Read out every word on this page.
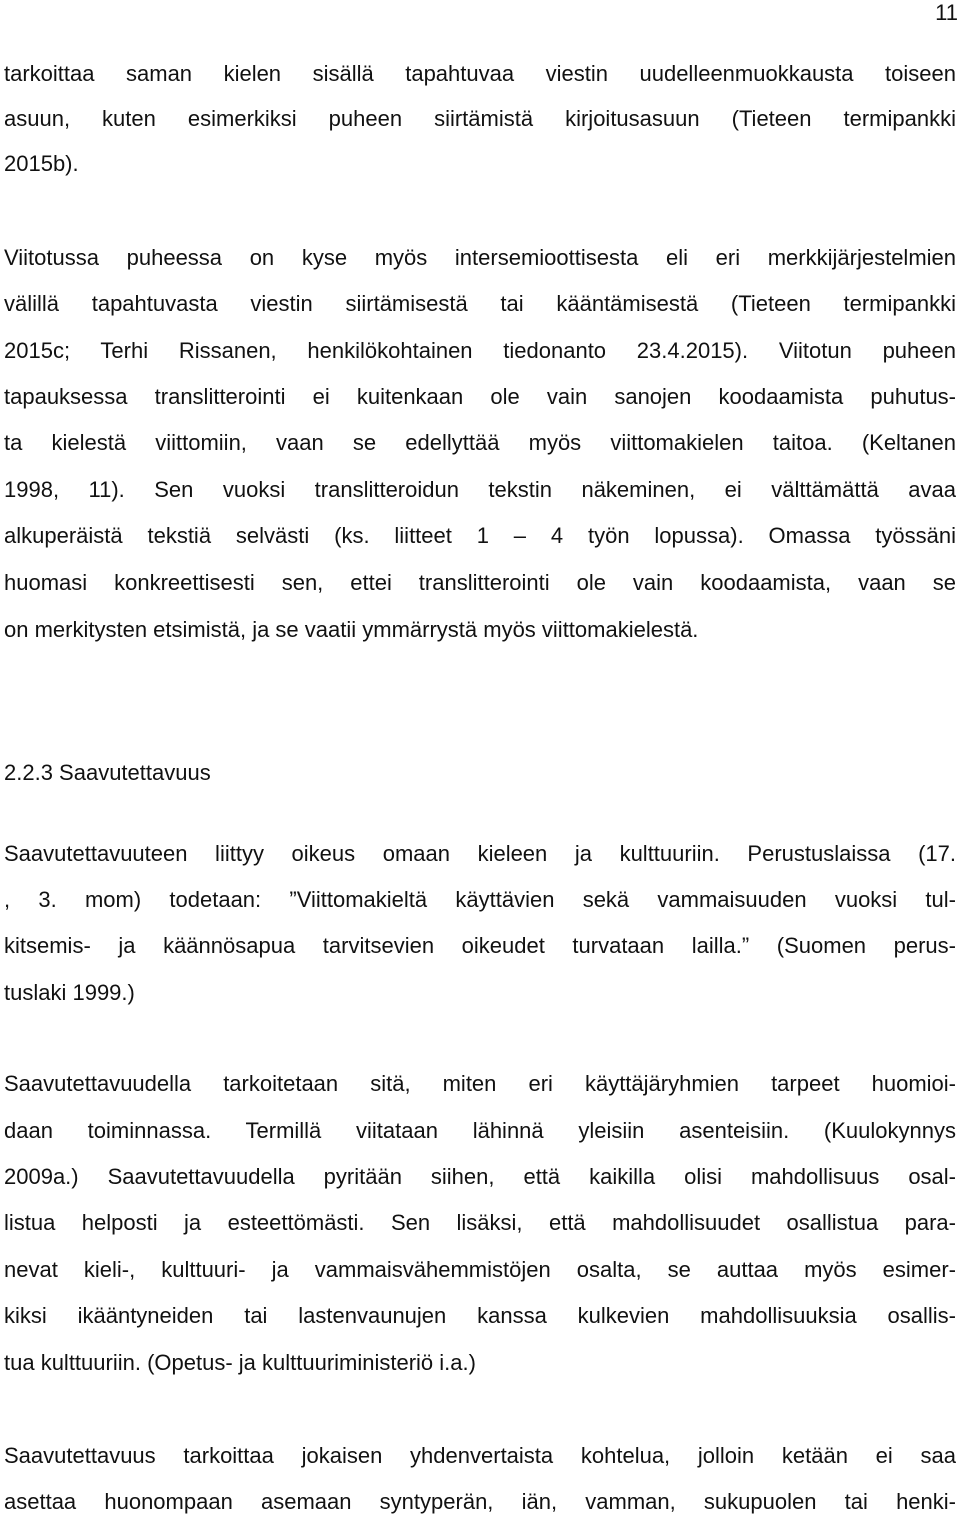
11
tarkoittaa saman kielen sisällä tapahtuvaa viestin uudelleenmuokkausta toiseen
asuun, kuten esimerkiksi puheen siirtämistä kirjoitusasuun (Tieteen termipankki
2015b).
Viitotussa puheessa on kyse myös intersemioottisesta eli eri merkkijärjestelmien
välillä tapahtuvasta viestin siirtämisestä tai kääntämisestä (Tieteen termipankki
2015c; Terhi Rissanen, henkilökohtainen tiedonanto 23.4.2015). Viitotun puheen
tapauksessa translitterointi ei kuitenkaan ole vain sanojen koodaamista puhutus-
ta kielestä viittomiin, vaan se edellyttää myös viittomakielen taitoa. (Keltanen
1998, 11). Sen vuoksi translitteroidun tekstin näkeminen, ei välttämättä avaa
alkuperäistä tekstiä selvästi (ks. liitteet 1 – 4 työn lopussa). Omassa työssäni
huomasi konkreettisesti sen, ettei translitterointi ole vain koodaamista, vaan se
on merkitysten etsimistä, ja se vaatii ymmärrystä myös viittomakielestä.
2.2.3 Saavutettavuus
Saavutettavuuteen liittyy oikeus omaan kieleen ja kulttuuriin. Perustuslaissa (17.
, 3. mom) todetaan: ”Viittomakieltä käyttävien sekä vammaisuuden vuoksi tul-
kitsemis- ja käännösapua tarvitsevien oikeudet turvataan lailla.” (Suomen perus-
tuslaki 1999.)
Saavutettavuudella tarkoitetaan sitä, miten eri käyttäjäryhmien tarpeet huomioi-
daan toiminnassa. Termillä viitataan lähinnä yleisiin asenteisiin. (Kuulokynnys
2009a.) Saavutettavuudella pyritään siihen, että kaikilla olisi mahdollisuus osal-
listua helposti ja esteettömästi. Sen lisäksi, että mahdollisuudet osallistua para-
nevat kieli-, kulttuuri- ja vammaisvähemmistöjen osalta, se auttaa myös esimer-
kiksi ikääntyneiden tai lastenvaunujen kanssa kulkevien mahdollisuuksia osallis-
tua kulttuuriin. (Opetus- ja kulttuuriministeriö i.a.)
Saavutettavuus tarkoittaa jokaisen yhdenvertaista kohtelua, jolloin ketään ei saa
asettaa huonompaan asemaan syntyperän, iän, vamman, sukupuolen tai henki-
